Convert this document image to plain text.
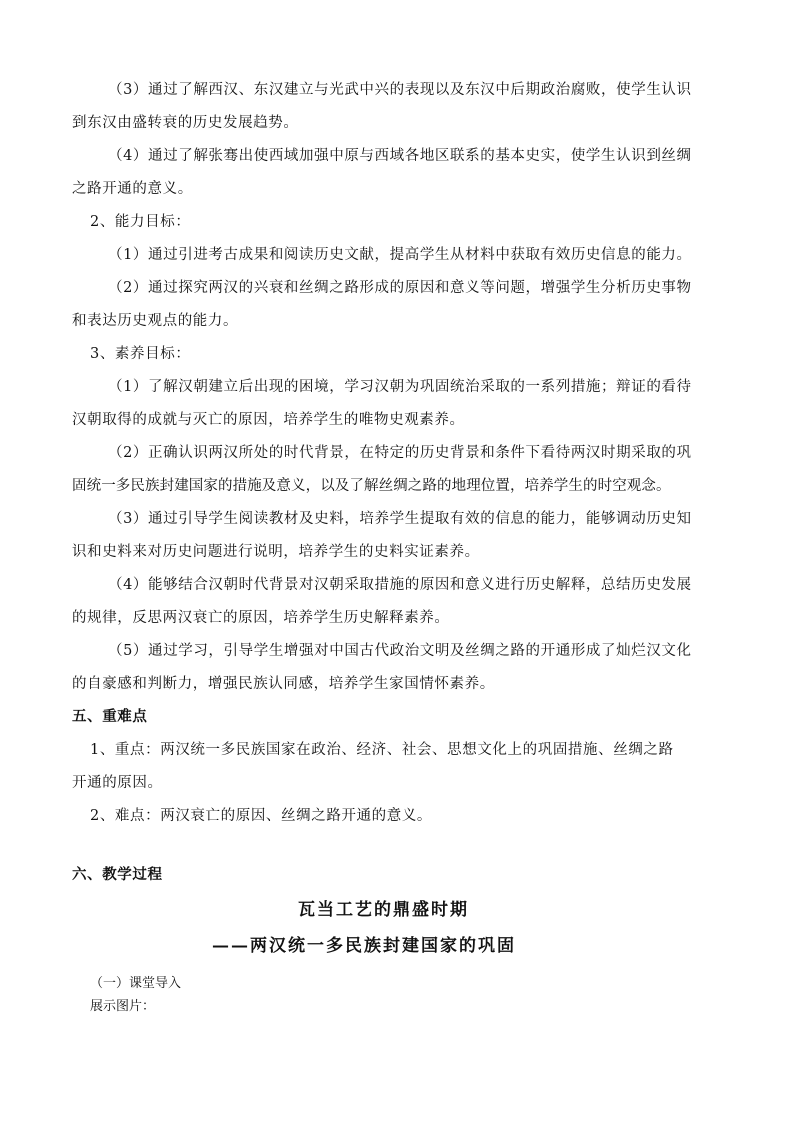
（3）通过了解西汉、东汉建立与光武中兴的表现以及东汉中后期政治腐败，使学生认识
到东汉由盛转衰的历史发展趋势。
（4）通过了解张骞出使西域加强中原与西域各地区联系的基本史实，使学生认识到丝绸
之路开通的意义。
2、能力目标：
（1）通过引进考古成果和阅读历史文献，提高学生从材料中获取有效历史信息的能力。
（2）通过探究两汉的兴衰和丝绸之路形成的原因和意义等问题，增强学生分析历史事物
和表达历史观点的能力。
3、素养目标：
（1）了解汉朝建立后出现的困境，学习汉朝为巩固统治采取的一系列措施；辩证的看待
汉朝取得的成就与灭亡的原因，培养学生的唯物史观素养。
（2）正确认识两汉所处的时代背景，在特定的历史背景和条件下看待两汉时期采取的巩
固统一多民族封建国家的措施及意义，以及了解丝绸之路的地理位置，培养学生的时空观念。
（3）通过引导学生阅读教材及史料，培养学生提取有效的信息的能力，能够调动历史知
识和史料来对历史问题进行说明，培养学生的史料实证素养。
（4）能够结合汉朝时代背景对汉朝采取措施的原因和意义进行历史解释，总结历史发展
的规律，反思两汉衰亡的原因，培养学生历史解释素养。
（5）通过学习，引导学生增强对中国古代政治文明及丝绸之路的开通形成了灿烂汉文化
的自豪感和判断力，增强民族认同感，培养学生家国情怀素养。
五、重难点
1、重点：两汉统一多民族国家在政治、经济、社会、思想文化上的巩固措施、丝绸之路
开通的原因。
2、难点：两汉衰亡的原因、丝绸之路开通的意义。
六、教学过程
瓦当工艺的鼎盛时期
——两汉统一多民族封建国家的巩固
（一）课堂导入
展示图片：
